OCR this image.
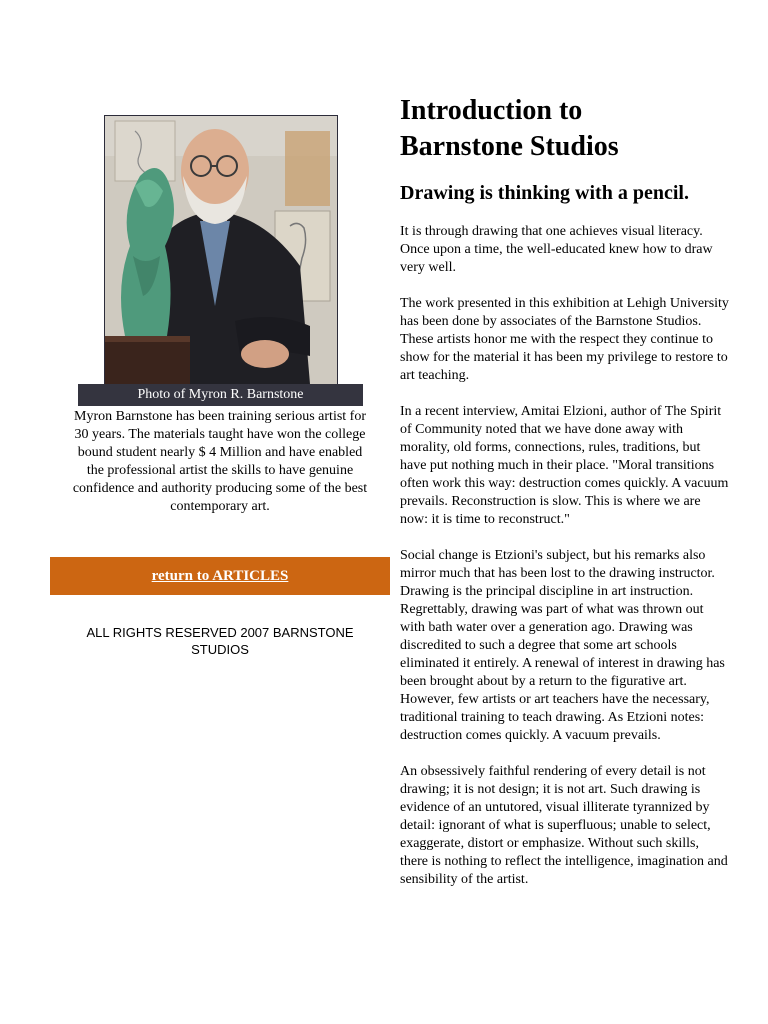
Photo of Myron R. Barnstone

Myron Barnstone has been training serious artist for 30 years. The materials taught have won the college bound student nearly $ 4 Million and have enabled the professional artist the skills to have genuine confidence and authority producing some of the best contemporary art.

return to ARTICLES

ALL RIGHTS RESERVED 2007 BARNSTONE STUDIOS

Introduction to
Barnstone Studios
Drawing is thinking with a pencil.

It is through drawing that one achieves visual literacy. Once upon a time, the well-educated knew how to draw very well.

The work presented in this exhibition at Lehigh University has been done by associates of the Barnstone Studios. These artists honor me with the respect they continue to show for the material it has been my privilege to restore to art teaching.

In a recent interview, Amitai Elzioni, author of The Spirit of Community noted that we have done away with morality, old forms, connections, rules, traditions, but have put nothing much in their place. "Moral transitions often work this way: destruction comes quickly. A vacuum prevails. Reconstruction is slow. This is where we are now: it is time to reconstruct."

Social change is Etzioni's subject, but his remarks also mirror much that has been lost to the drawing instructor. Drawing is the principal discipline in art instruction. Regrettably, drawing was part of what was thrown out with bath water over a generation ago. Drawing was discredited to such a degree that some art schools eliminated it entirely. A renewal of interest in drawing has been brought about by a return to the figurative art. However, few artists or art teachers have the necessary, traditional training to teach drawing. As Etzioni notes: destruction comes quickly. A vacuum prevails.

An obsessively faithful rendering of every detail is not drawing; it is not design; it is not art. Such drawing is evidence of an untutored, visual illiterate tyrannized by detail: ignorant of what is superfluous; unable to select, exaggerate, distort or emphasize. Without such skills, there is nothing to reflect the intelligence, imagination and sensibility of the artist.
